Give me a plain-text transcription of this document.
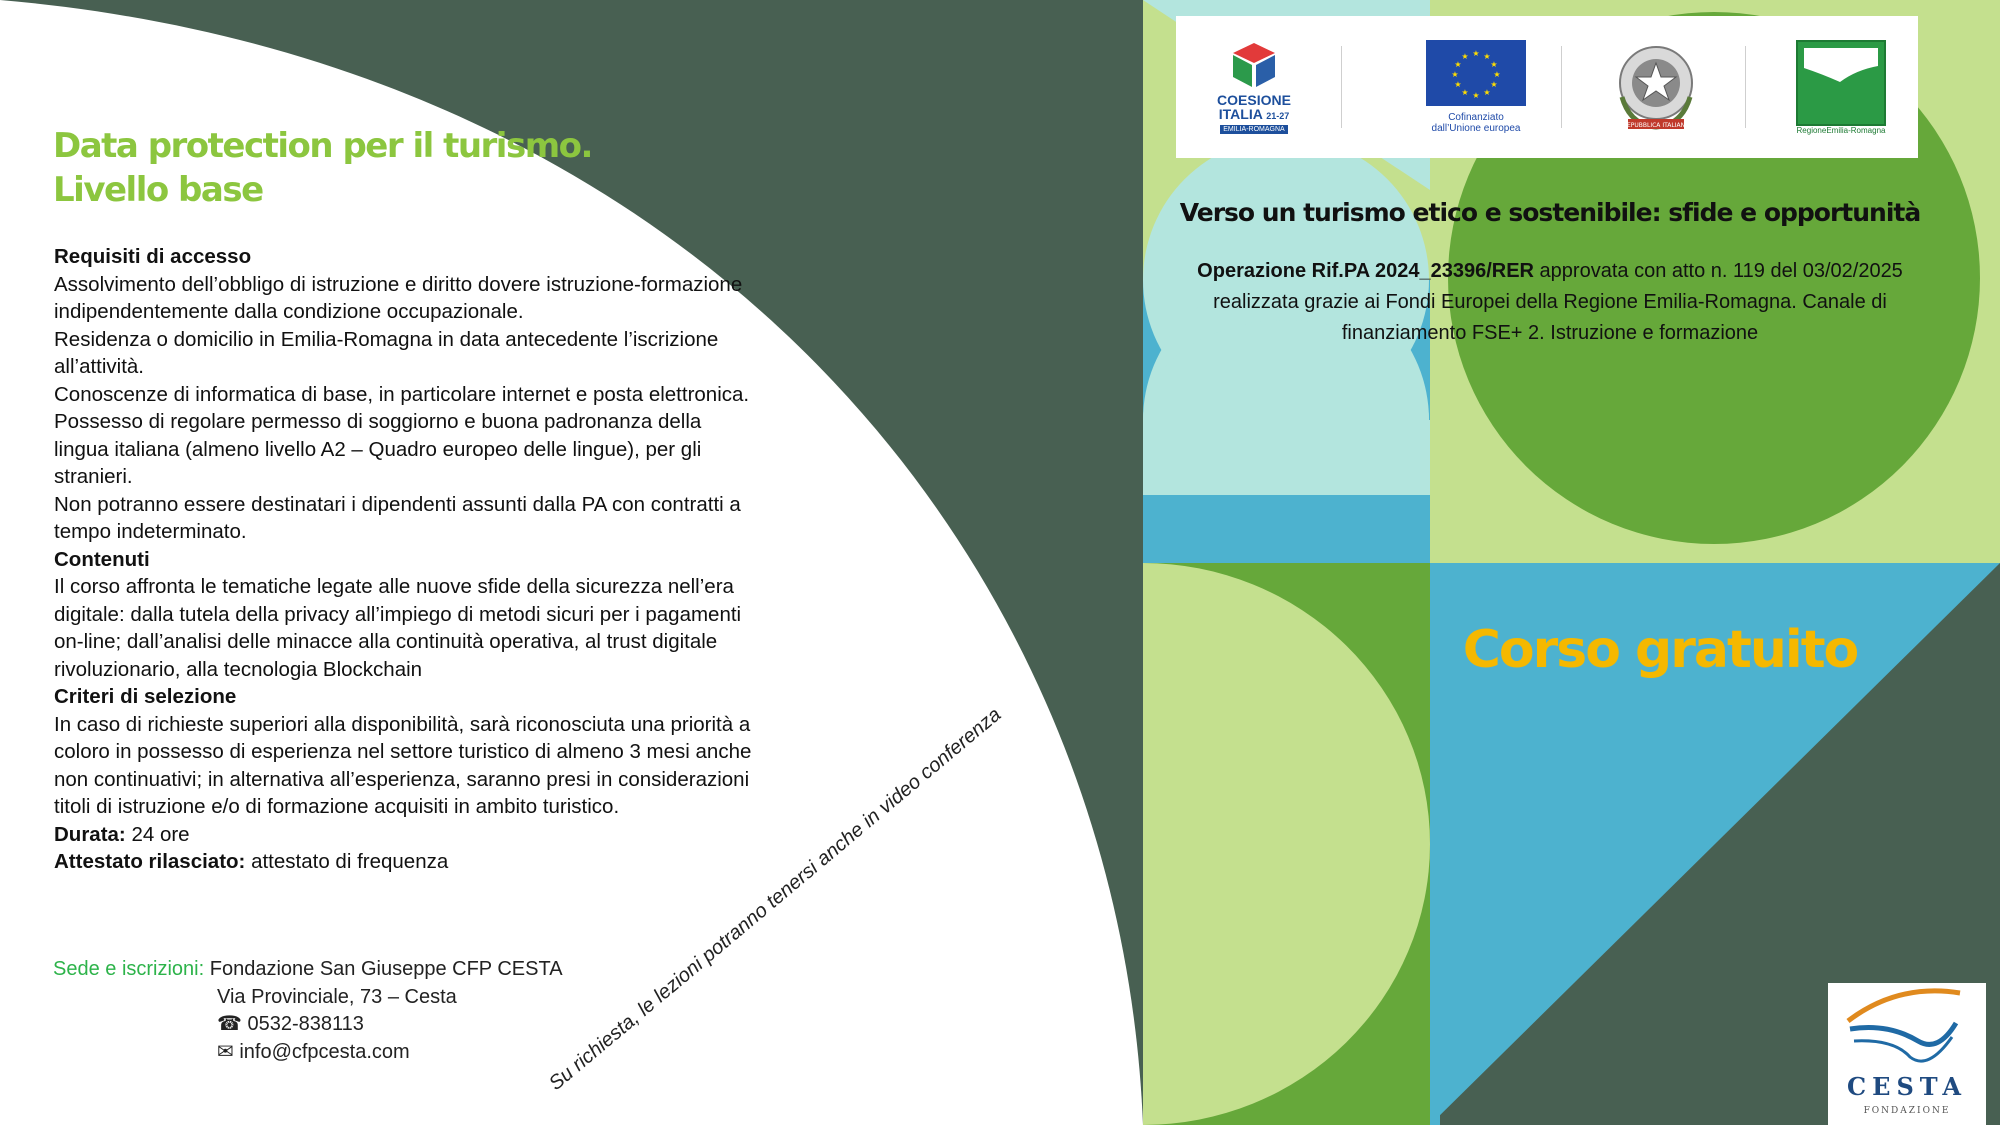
Data protection per il turismo.
Livello base

Requisiti di accesso

Assolvimento dell’obbligo di istruzione e diritto dovere istruzione-formazione indipendentemente dalla condizione occupazionale.

Residenza o domicilio in Emilia-Romagna in data antecedente l’iscrizione all’attività.

Conoscenze di informatica di base, in particolare internet e posta elettronica.

Possesso di regolare permesso di soggiorno e buona padronanza della lingua italiana (almeno livello A2 – Quadro europeo delle lingue), per gli stranieri.

Non potranno essere destinatari i dipendenti assunti dalla PA con contratti a tempo indeterminato.

Contenuti

Il corso affronta le tematiche legate alle nuove sfide della sicurezza nell’era digitale: dalla tutela della privacy all’impiego di metodi sicuri per i pagamenti on-line; dall’analisi delle minacce alla continuità operativa, al trust digitale rivoluzionario, alla tecnologia Blockchain

Criteri di selezione

In caso di richieste superiori alla disponibilità, sarà riconosciuta una priorità a coloro in possesso di esperienza nel settore turistico di almeno 3 mesi anche non continuativi; in alternativa all’esperienza, saranno presi in considerazioni titoli di istruzione e/o di formazione acquisiti in ambito turistico.

Durata: 24 ore

Attestato rilasciato: attestato di frequenza

Sede e iscrizioni: Fondazione San Giuseppe CFP CESTA
Via Provinciale, 73 – Cesta
☎ 0532-838113
✉ info@cfpcesta.com	Su richiesta, le lezioni potranno tenersi anche in video conferenza
COESIONE
ITALIA 21-27
EMILIA-ROMAGNA
★ ★
★
★
★
★
★
★
★
★
★
★
Cofinanziato
dall’Unione europea	REPUBBLICA ITALIANA	RegioneEmilia-Romagna
Verso un turismo etico e sostenibile: sfide e opportunità
Operazione Rif.PA 2024_23396/RER approvata con atto n. 119 del 03/02/2025 realizzata grazie ai Fondi Europei della Regione Emilia-Romagna. Canale di finanziamento FSE+ 2. Istruzione e formazione
Corso gratuito
CESTA
FONDAZIONE
